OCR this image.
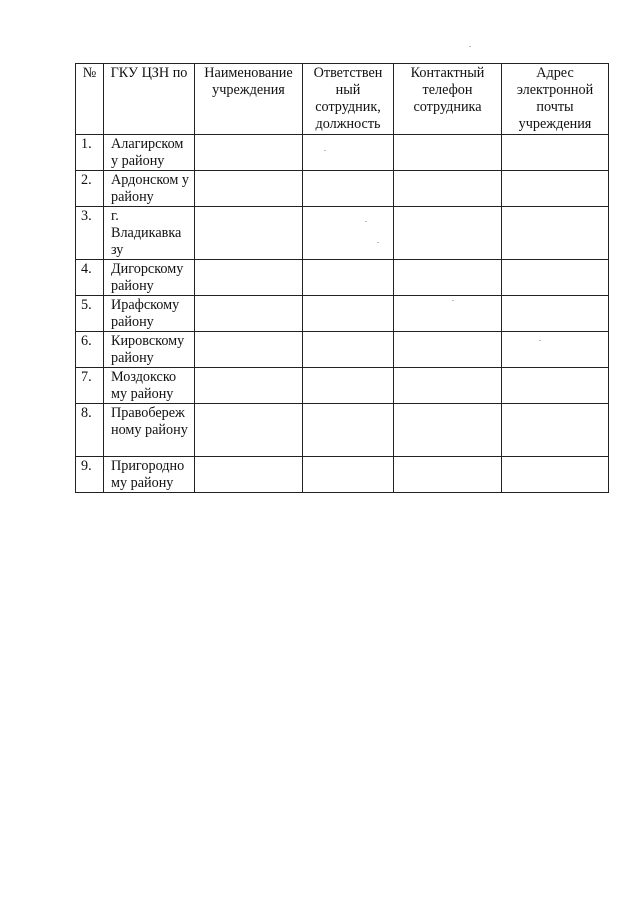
№	ГКУ ЦЗН по	Наименование учреждения	Ответствен ный сотрудник, должность	Контактный телефон сотрудника	Адрес электронной почты учреждения
1.	Алагирском у району				
2.	Ардонском у району				
3.	г. Владикавка зу				
4.	Дигорскому району				
5.	Ирафскому району				
6.	Кировскому району				
7.	Моздокско му району				
8.	Правобереж ному району				
9.	Пригородно му району				
